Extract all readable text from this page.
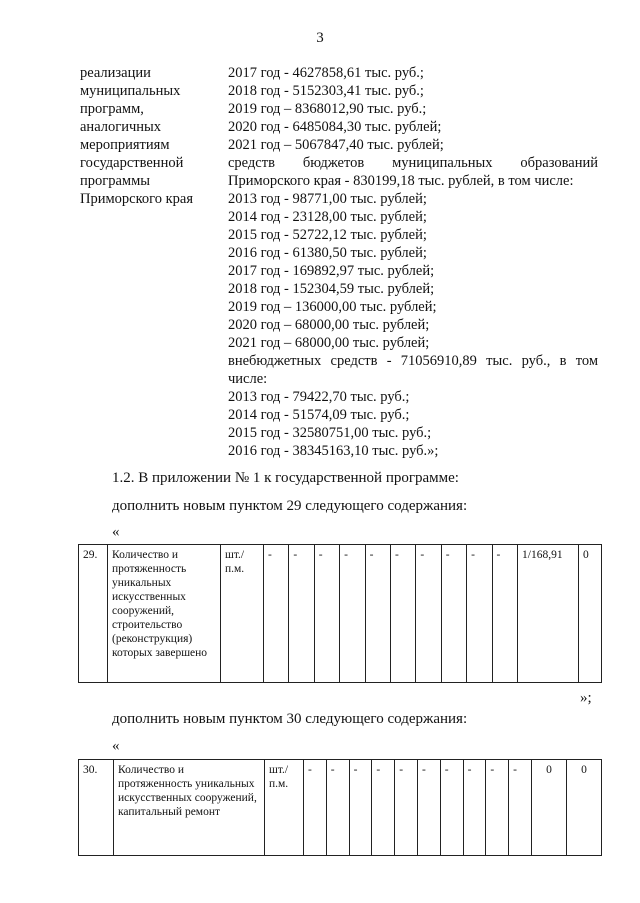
3
реализации
муниципальных
программ,
аналогичных
мероприятиям
государственной
программы
Приморского края
2017 год - 4627858,61 тыс. руб.;
2018 год - 5152303,41 тыс. руб.;
2019 год – 8368012,90 тыс. руб.;
2020 год - 6485084,30 тыс. рублей;
2021 год – 5067847,40 тыс. рублей;
средств бюджетов муниципальных образований
Приморского края - 830199,18 тыс. рублей, в том числе:
2013 год - 98771,00 тыс. рублей;
2014 год - 23128,00 тыс. рублей;
2015 год - 52722,12 тыс. рублей;
2016 год - 61380,50 тыс. рублей;
2017 год - 169892,97 тыс. рублей;
2018 год - 152304,59 тыс. рублей;
2019 год – 136000,00 тыс. рублей;
2020 год – 68000,00 тыс. рублей;
2021 год – 68000,00 тыс. рублей;
внебюджетных средств - 71056910,89 тыс. руб., в том
числе:
2013 год - 79422,70 тыс. руб.;
2014 год - 51574,09 тыс. руб.;
2015 год - 32580751,00 тыс. руб.;
2016 год - 38345163,10 тыс. руб.»;
1.2. В приложении № 1 к государственной программе:
дополнить новым пунктом 29 следующего содержания:
«
29.	Количество и протяженность уникальных искусственных сооружений, строительство (реконструкция) которых завершено	шт./ п.м.	-	-	-	-	-	-	-	-	-	-	1/168,91	0
»;
дополнить новым пунктом 30 следующего содержания:
«
30.	Количество и протяженность уникальных искусственных сооружений, капитальный ремонт	шт./ п.м.	-	-	-	-	-	-	-	-	-	-	0	0
